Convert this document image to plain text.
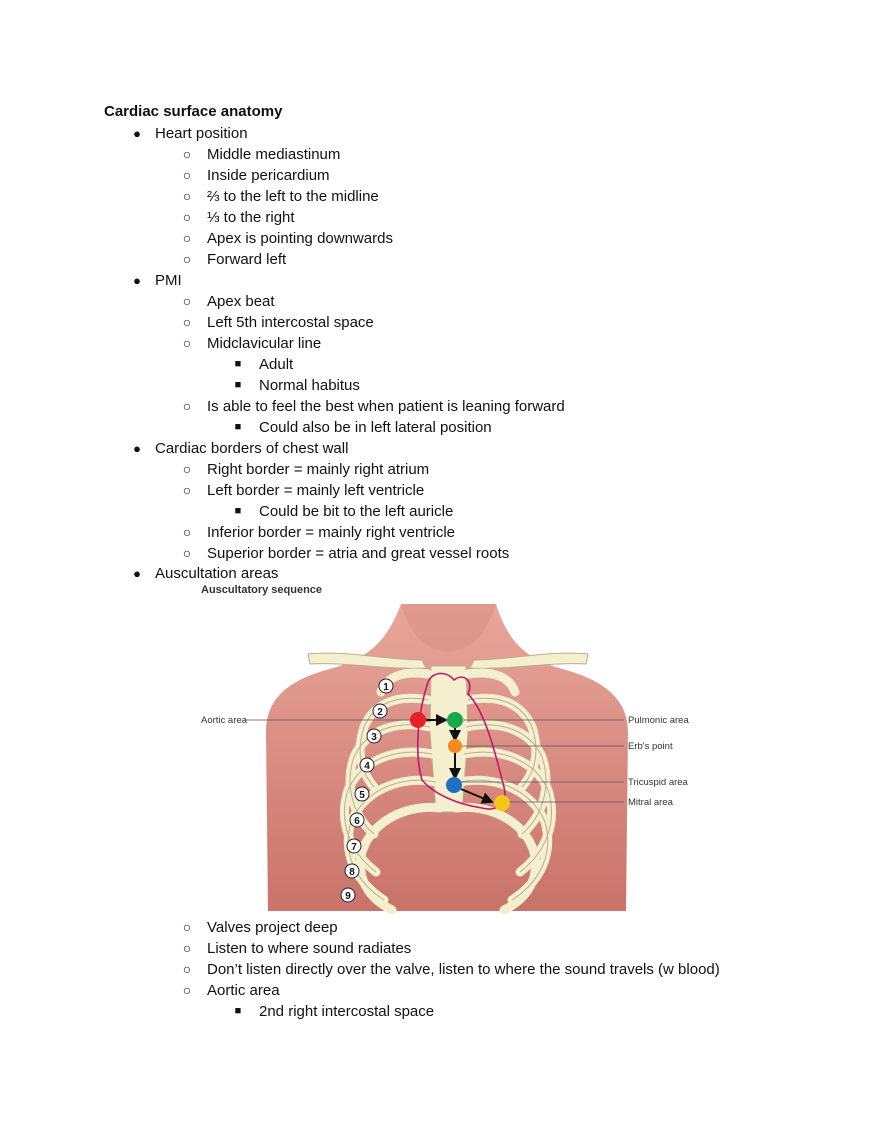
Cardiac surface anatomy
● Heart position
○ Middle mediastinum
○ Inside pericardium
○ ⅔ to the left to the midline
○ ⅓ to the right
○ Apex is pointing downwards
○ Forward left
● PMI
○ Apex beat
○ Left 5th intercostal space
○ Midclavicular line
■ Adult
■ Normal habitus
○ Is able to feel the best when patient is leaning forward
■ Could also be in left lateral position
● Cardiac borders of chest wall
○ Right border = mainly right atrium
○ Left border = mainly left ventricle
■ Could be bit to the left auricle
○ Inferior border = mainly right ventricle
○ Superior border = atria and great vessel roots
● Auscultation areas
Auscultatory sequence
1
2
3
4
5
6
7
8
9
Aortic area	Pulmonic area
Erb's point
Tricuspid area
Mitral area
○ Valves project deep
○ Listen to where sound radiates
○ Don’t listen directly over the valve, listen to where the sound travels (w blood)
○ Aortic area
■ 2nd right intercostal space
